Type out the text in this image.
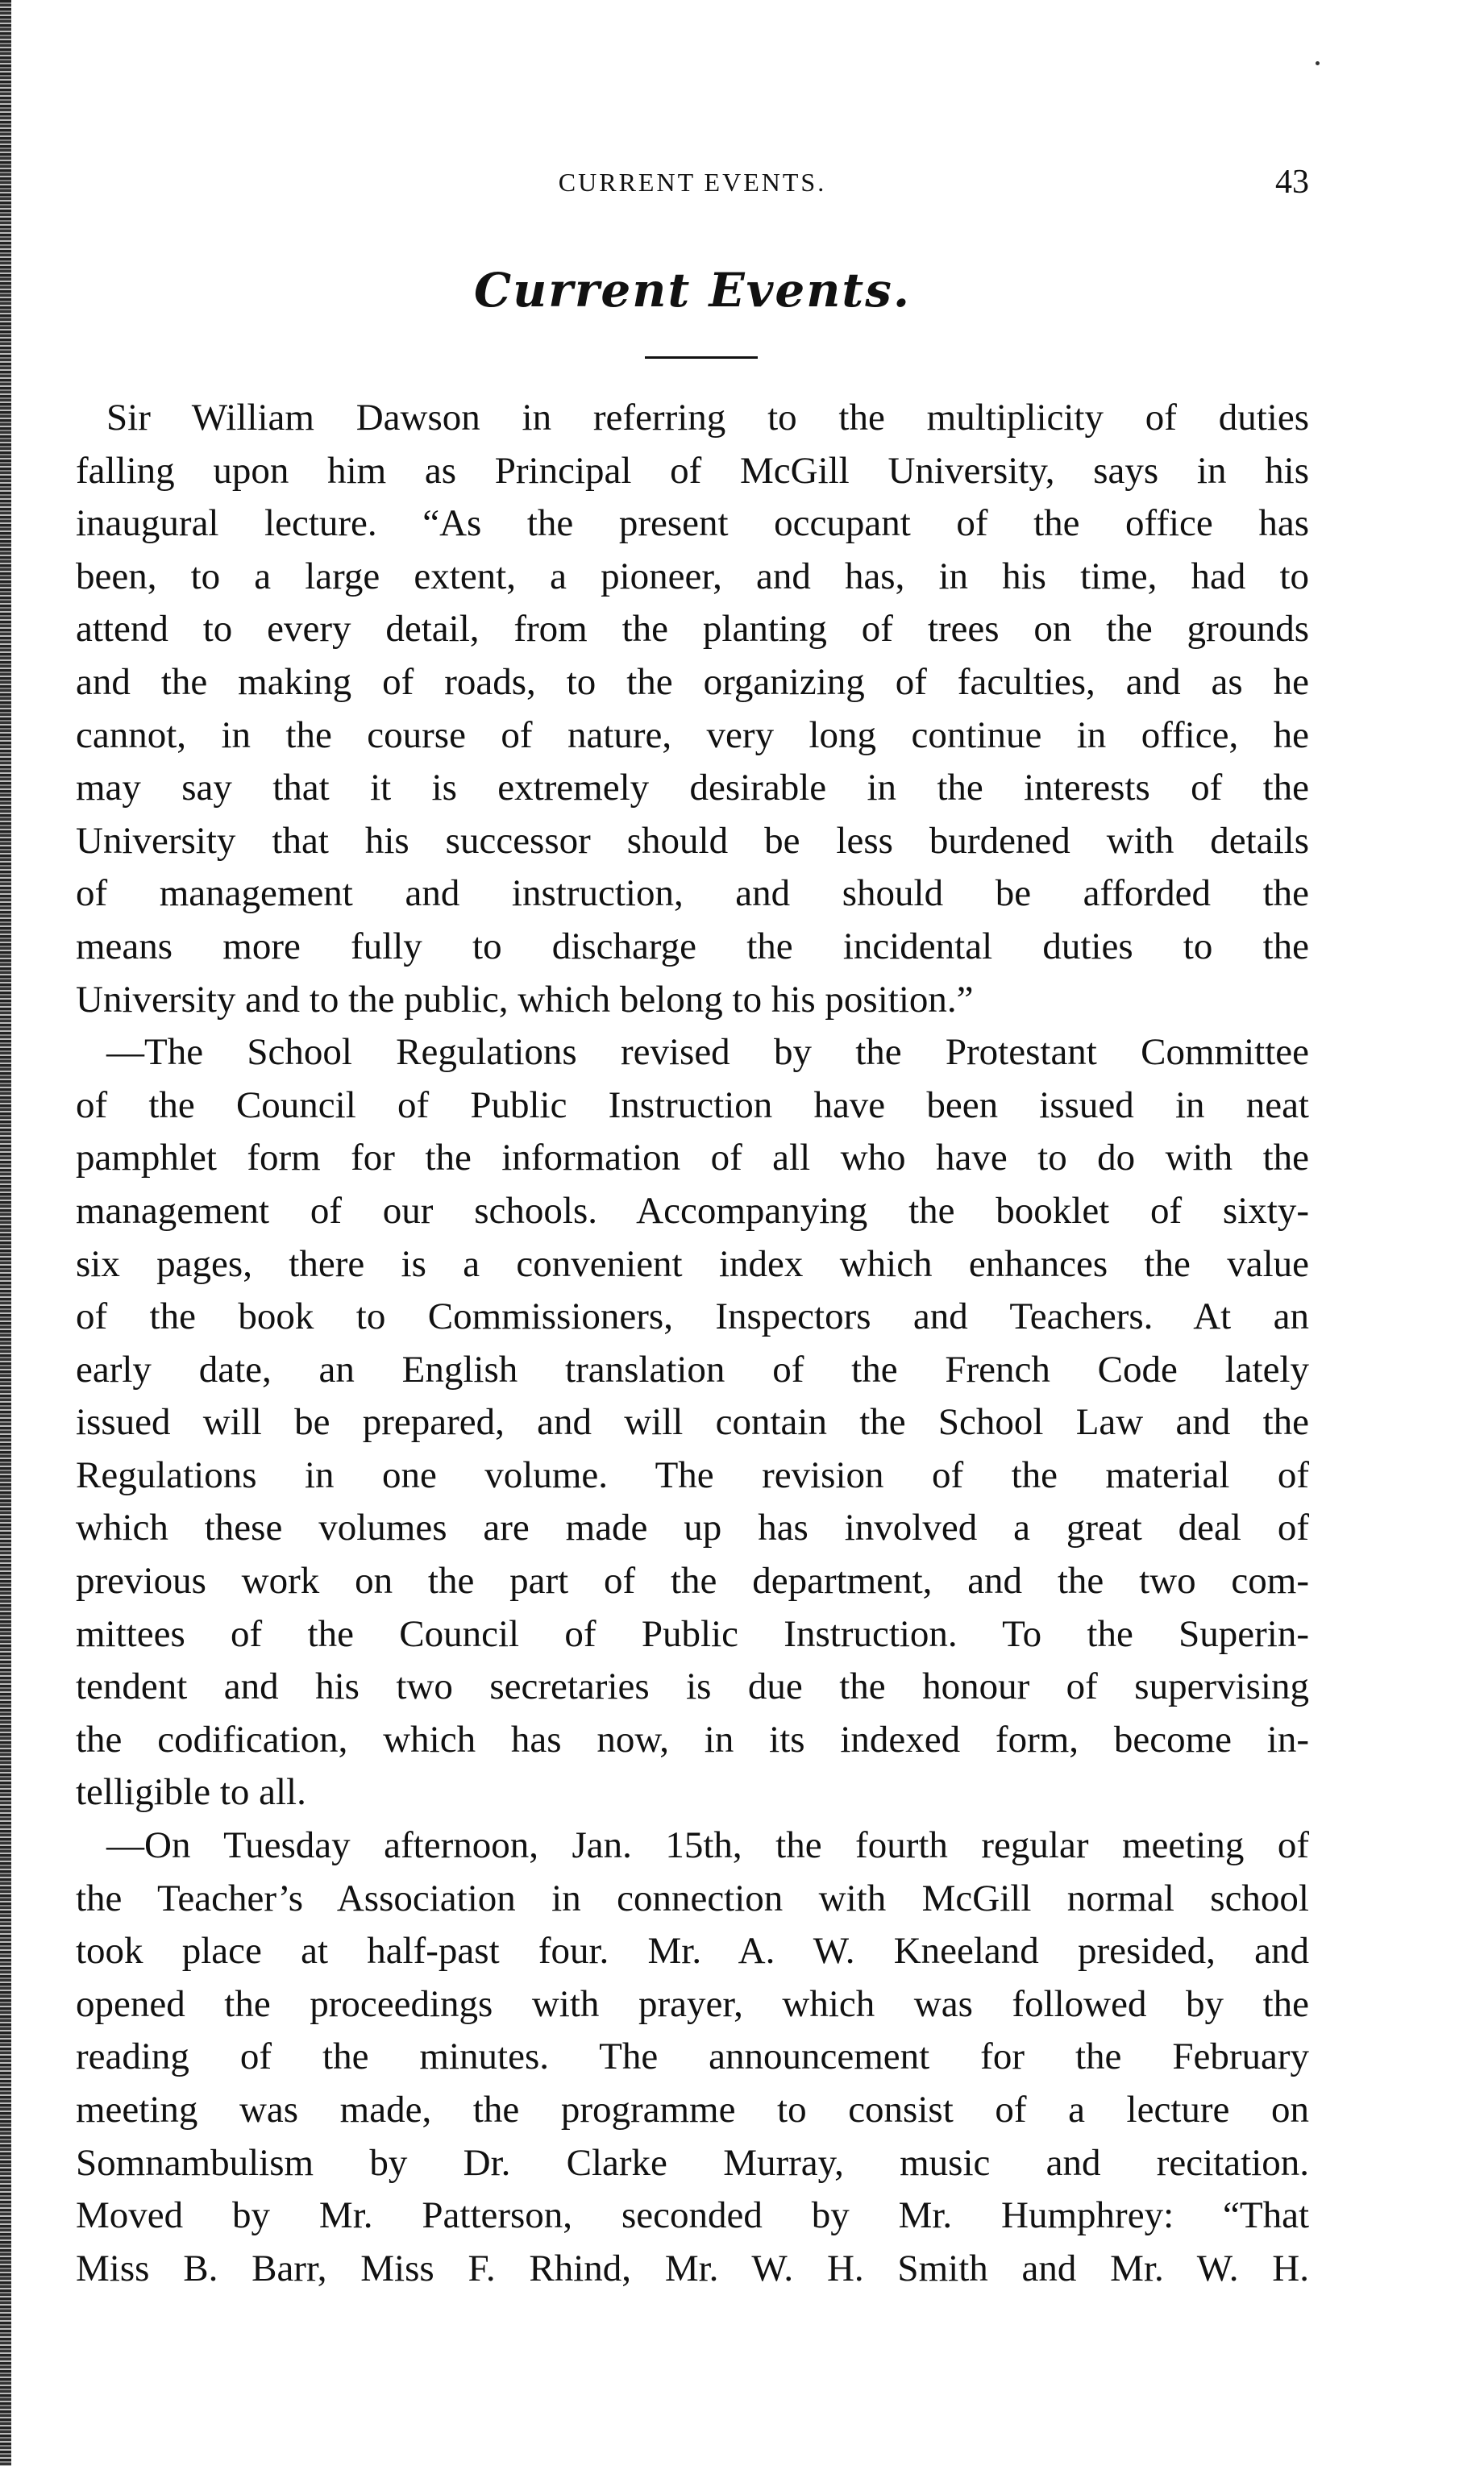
CURRENT EVENTS.	43
Current Events.
Sir William Dawson in referring to the multiplicity of duties
falling upon him as Principal of McGill University, says in his
inaugural lecture. “As the present occupant of the office has
been, to a large extent, a pioneer, and has, in his time, had to
attend to every detail, from the planting of trees on the grounds
and the making of roads, to the organizing of faculties, and as he
cannot, in the course of nature, very long continue in office, he
may say that it is extremely desirable in the interests of the
University that his successor should be less burdened with details
of management and instruction, and should be afforded the
means more fully to discharge the incidental duties to the
University and to the public, which belong to his position.”
—The School Regulations revised by the Protestant Committee
of the Council of Public Instruction have been issued in neat
pamphlet form for the information of all who have to do with the
management of our schools. Accompanying the booklet of sixty-
six pages, there is a convenient index which enhances the value
of the book to Commissioners, Inspectors and Teachers. At an
early date, an English translation of the French Code lately
issued will be prepared, and will contain the School Law and the
Regulations in one volume. The revision of the material of
which these volumes are made up has involved a great deal of
previous work on the part of the department, and the two com-
mittees of the Council of Public Instruction. To the Superin-
tendent and his two secretaries is due the honour of supervising
the codification, which has now, in its indexed form, become in-
telligible to all.
—On Tuesday afternoon, Jan. 15th, the fourth regular meeting of
the Teacher’s Association in connection with McGill normal school
took place at half-past four. Mr. A. W. Kneeland presided, and
opened the proceedings with prayer, which was followed by the
reading of the minutes. The announcement for the February
meeting was made, the programme to consist of a lecture on
Somnambulism by Dr. Clarke Murray, music and recitation.
Moved by Mr. Patterson, seconded by Mr. Humphrey: “That
Miss B. Barr, Miss F. Rhind, Mr. W. H. Smith and Mr. W. H.
